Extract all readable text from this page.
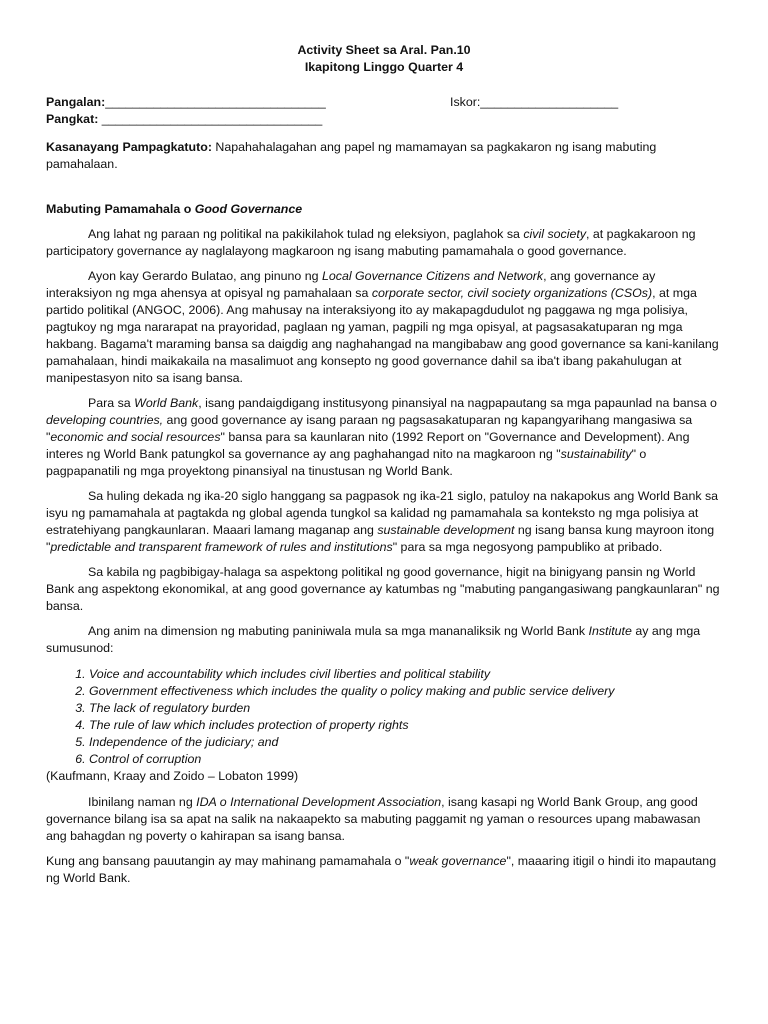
Activity Sheet sa Aral. Pan.10

Ikapitong Linggo Quarter 4

Pangalan:________________________________	Iskor:____________________
Pangkat: ________________________________

Kasanayang Pampagkatuto: Napahahalagahan ang papel ng mamamayan sa pagkakaron ng isang mabuting pamahalaan.

Mabuting Pamamahala o Good Governance

Ang lahat ng paraan ng politikal na pakikilahok tulad ng eleksiyon, paglahok sa civil society, at pagkakaroon ng participatory governance ay naglalayong magkaroon ng isang mabuting pamamahala o good governance.

Ayon kay Gerardo Bulatao, ang pinuno ng Local Governance Citizens and Network, ang governance ay interaksiyon ng mga ahensya at opisyal ng pamahalaan sa corporate sector, civil society organizations (CSOs), at mga partido politikal (ANGOC, 2006). Ang mahusay na interaksiyong ito ay makapagdudulot ng paggawa ng mga polisiya, pagtukoy ng mga nararapat na prayoridad, paglaan ng yaman, pagpili ng mga opisyal, at pagsasakatuparan ng mga hakbang. Bagama't maraming bansa sa daigdig ang naghahangad na mangibabaw ang good governance sa kani-kanilang pamahalaan, hindi maikakaila na masalimuot ang konsepto ng good governance dahil sa iba't ibang pakahulugan at manipestasyon nito sa isang bansa.

Para sa World Bank, isang pandaigdigang institusyong pinansiyal na nagpapautang sa mga papaunlad na bansa o developing countries, ang good governance ay isang paraan ng pagsasakatuparan ng kapangyarihang mangasiwa sa "economic and social resources" bansa para sa kaunlaran nito (1992 Report on "Governance and Development). Ang interes ng World Bank patungkol sa governance ay ang paghahangad nito na magkaroon ng "sustainability" o pagpapanatili ng mga proyektong pinansiyal na tinustusan ng World Bank.

Sa huling dekada ng ika-20 siglo hanggang sa pagpasok ng ika-21 siglo, patuloy na nakapokus ang World Bank sa isyu ng pamamahala at pagtakda ng global agenda tungkol sa kalidad ng pamamahala sa konteksto ng mga polisiya at estratehiyang pangkaunlaran. Maaari lamang maganap ang sustainable development ng isang bansa kung mayroon itong "predictable and transparent framework of rules and institutions" para sa mga negosyong pampubliko at pribado.

Sa kabila ng pagbibigay-halaga sa aspektong politikal ng good governance, higit na binigyang pansin ng World Bank ang aspektong ekonomikal, at ang good governance ay katumbas ng "mabuting pangangasiwang pangkaunlaran" ng bansa.

Ang anim na dimension ng mabuting paniniwala mula sa mga mananaliksik ng World Bank Institute ay ang mga sumusunod:

1. Voice and accountability which includes civil liberties and political stability
2. Government effectiveness which includes the quality o policy making and public service delivery
3. The lack of regulatory burden
4. The rule of law which includes protection of property rights
5. Independence of the judiciary; and
6. Control of corruption

(Kaufmann, Kraay and Zoido – Lobaton 1999)

Ibinilang naman ng IDA o International Development Association, isang kasapi ng World Bank Group, ang good governance bilang isa sa apat na salik na nakaapekto sa mabuting paggamit ng yaman o resources upang mabawasan ang bahagdan ng poverty o kahirapan sa isang bansa.

Kung ang bansang pauutangin ay may mahinang pamamahala o "weak governance", maaaring itigil o hindi ito mapautang ng World Bank.
